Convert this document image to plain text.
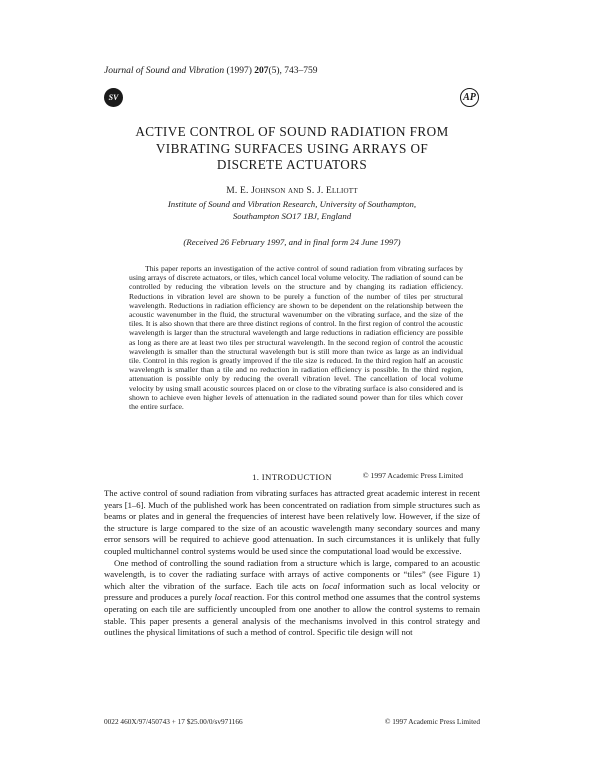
Journal of Sound and Vibration (1997) 207(5), 743–759
SV	AP
ACTIVE CONTROL OF SOUND RADIATION FROM
VIBRATING SURFACES USING ARRAYS OF
DISCRETE ACTUATORS
M. E. Johnson and S. J. Elliott
Institute of Sound and Vibration Research, University of Southampton,
Southampton SO17 1BJ, England
(Received 26 February 1997, and in final form 24 June 1997)
This paper reports an investigation of the active control of sound radiation from vibrating surfaces by using arrays of discrete actuators, or tiles, which cancel local volume velocity. The radiation of sound can be controlled by reducing the vibration levels on the structure and by changing its radiation efficiency. Reductions in vibration level are shown to be purely a function of the number of tiles per structural wavelength. Reductions in radiation efficiency are shown to be dependent on the relationship between the acoustic wavenumber in the fluid, the structural wavenumber on the vibrating surface, and the size of the tiles. It is also shown that there are three distinct regions of control. In the first region of control the acoustic wavelength is larger than the structural wavelength and large reductions in radiation efficiency are possible as long as there are at least two tiles per structural wavelength. In the second region of control the acoustic wavelength is smaller than the structural wavelength but is still more than twice as large as an individual tile. Control in this region is greatly improved if the tile size is reduced. In the third region half an acoustic wavelength is smaller than a tile and no reduction in radiation efficiency is possible. In the third region, attenuation is possible only by reducing the overall vibration level. The cancellation of local volume velocity by using small acoustic sources placed on or close to the vibrating surface is also considered and is shown to achieve even higher levels of attenuation in the radiated sound power than for tiles which cover the entire surface.
© 1997 Academic Press Limited
1. INTRODUCTION

The active control of sound radiation from vibrating surfaces has attracted great academic interest in recent years [1–6]. Much of the published work has been concentrated on radiation from simple structures such as beams or plates and in general the frequencies of interest have been relatively low. However, if the size of the structure is large compared to the size of an acoustic wavelength many secondary sources and many error sensors will be required to achieve good attenuation. In such circumstances it is unlikely that fully coupled multichannel control systems would be used since the computational load would be excessive.

One method of controlling the sound radiation from a structure which is large, compared to an acoustic wavelength, is to cover the radiating surface with arrays of active components or “tiles” (see Figure 1) which alter the vibration of the surface. Each tile acts on local information such as local velocity or pressure and produces a purely local reaction. For this control method one assumes that the control systems operating on each tile are sufficiently uncoupled from one another to allow the control systems to remain stable. This paper presents a general analysis of the mechanisms involved in this control strategy and outlines the physical limitations of such a method of control. Specific tile design will not

0022 460X/97/450743 + 17 $25.00/0/sv971166	© 1997 Academic Press Limited
